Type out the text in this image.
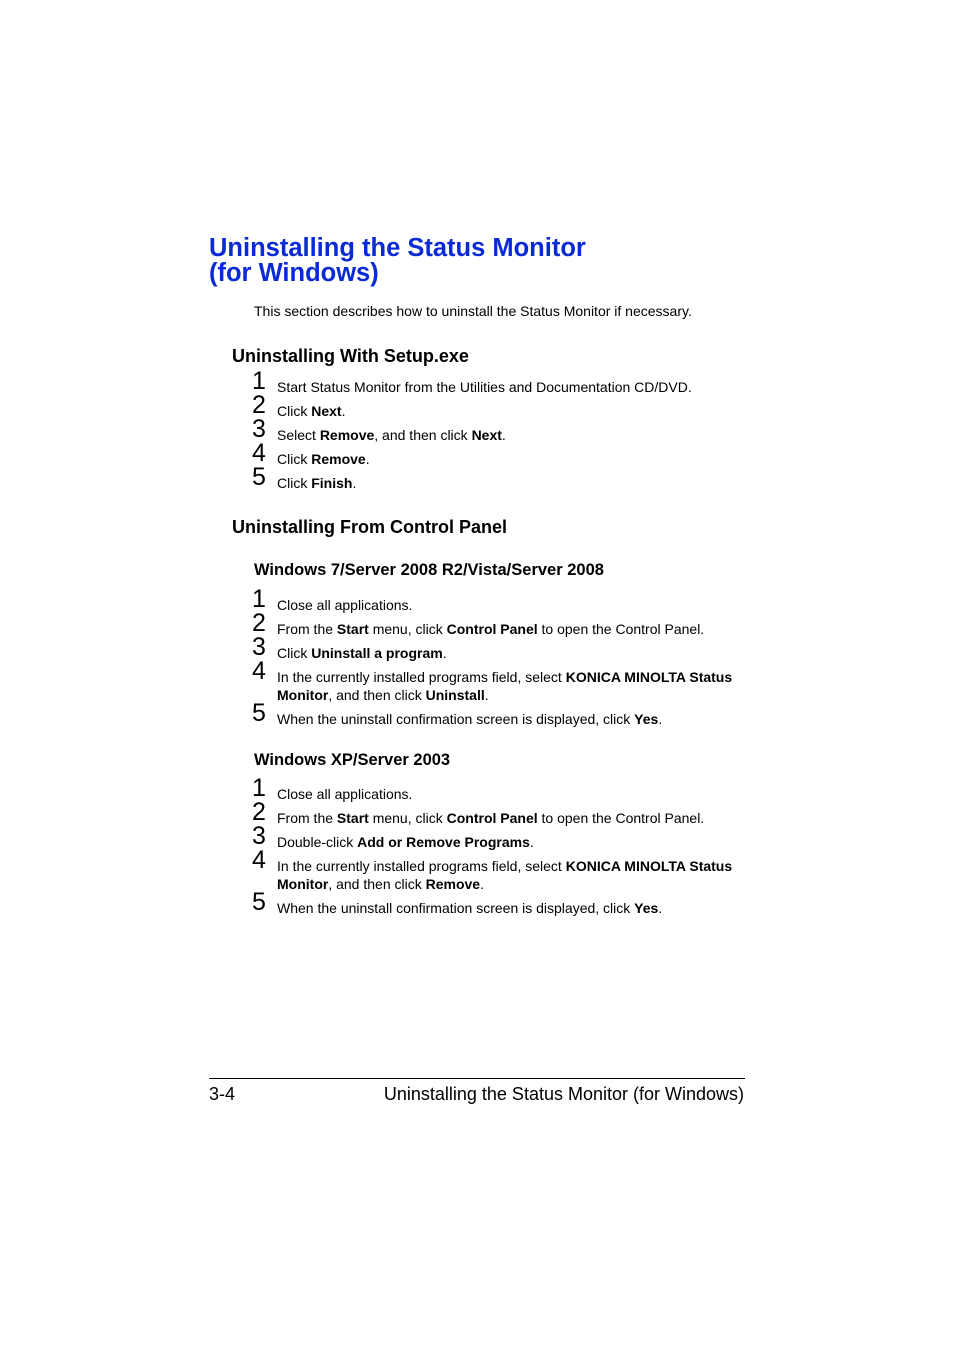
Uninstalling the Status Monitor
(for Windows)

This section describes how to uninstall the Status Monitor if necessary.

Uninstalling With Setup.exe
1 Start Status Monitor from the Utilities and Documentation CD/DVD.
2 Click Next.
3 Select Remove, and then click Next.
4 Click Remove.
5 Click Finish.
Uninstalling From Control Panel
Windows 7/Server 2008 R2/Vista/Server 2008
1 Close all applications.
2 From the Start menu, click Control Panel to open the Control Panel.
3 Click Uninstall a program.
4 In the currently installed programs field, select KONICA MINOLTA Status Monitor, and then click Uninstall.
5 When the uninstall confirmation screen is displayed, click Yes.
Windows XP/Server 2003
1 Close all applications.
2 From the Start menu, click Control Panel to open the Control Panel.
3 Double-click Add or Remove Programs.
4 In the currently installed programs field, select KONICA MINOLTA Status Monitor, and then click Remove.
5 When the uninstall confirmation screen is displayed, click Yes.
3-4	Uninstalling the Status Monitor (for Windows)
